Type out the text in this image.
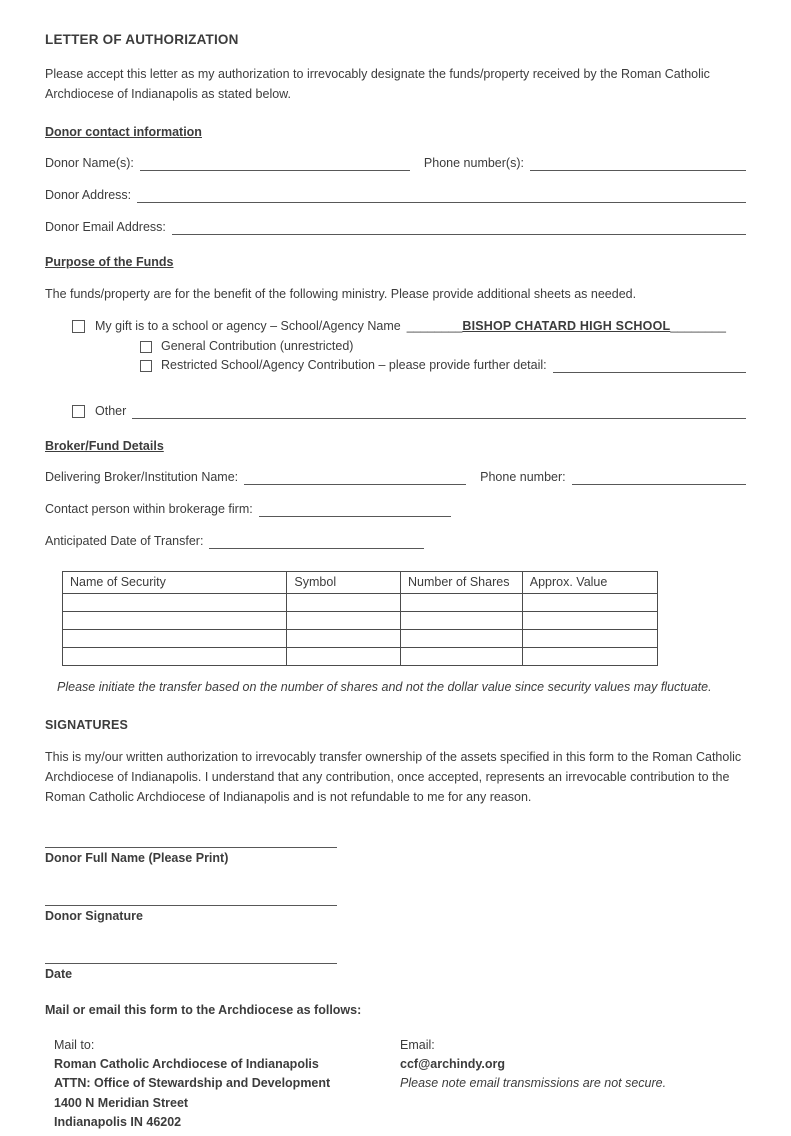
LETTER OF AUTHORIZATION
Please accept this letter as my authorization to irrevocably designate the funds/property received by the Roman Catholic Archdiocese of Indianapolis as stated below.
Donor contact information
Donor Name(s):	Phone number(s):
Donor Address:
Donor Email Address:
Purpose of the Funds
The funds/property are for the benefit of the following ministry. Please provide additional sheets as needed.
My gift is to a school or agency – School/Agency Name ________ BISHOP CHATARD HIGH SCHOOL ________
General Contribution (unrestricted)
Restricted School/Agency Contribution – please provide further detail:
Other
Broker/Fund Details
Delivering Broker/Institution Name:	Phone number:
Contact person within brokerage firm:
Anticipated Date of Transfer:
Name of Security	Symbol	Number of Shares	Approx. Value

Please initiate the transfer based on the number of shares and not the dollar value since security values may fluctuate.
SIGNATURES
This is my/our written authorization to irrevocably transfer ownership of the assets specified in this form to the Roman Catholic Archdiocese of Indianapolis. I understand that any contribution, once accepted, represents an irrevocable contribution to the Roman Catholic Archdiocese of Indianapolis and is not refundable to me for any reason.
Donor Full Name (Please Print)
Donor Signature
Date
Mail or email this form to the Archdiocese as follows:
Mail to:
Roman Catholic Archdiocese of Indianapolis
ATTN: Office of Stewardship and Development
1400 N Meridian Street
Indianapolis IN 46202
Email:
ccf@archindy.org
Please note email transmissions are not secure.
